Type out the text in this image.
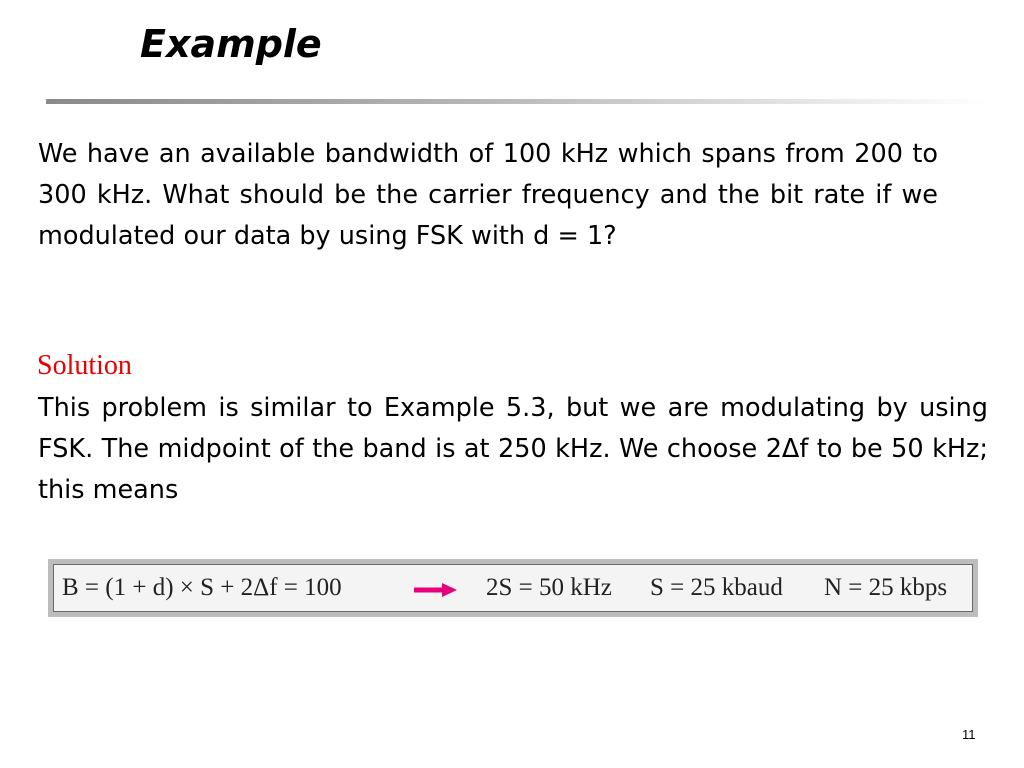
Example

We have an available bandwidth of 100 kHz which spans from 200 to 300 kHz. What should be the carrier frequency and the bit rate if we modulated our data by using FSK with d = 1?

Solution

This problem is similar to Example 5.3, but we are modulating by using FSK. The midpoint of the band is at 250 kHz. We choose 2Δf to be 50 kHz; this means

B = (1 + d) × S + 2Δf = 100	2S = 50 kHz S = 25 kbaud N = 25 kbps
11
